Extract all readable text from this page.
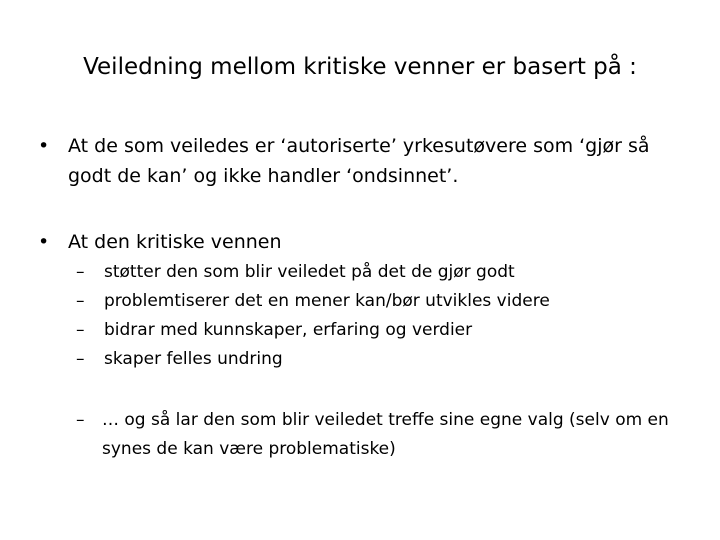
Veiledning mellom kritiske venner er basert på :
• At de som veiledes er ‘autoriserte’ yrkesutøvere som ‘gjør så godt de kan’ og ikke handler ‘ondsinnet’.
• At den kritiske vennen
– støtter den som blir veiledet på det de gjør godt
– problemtiserer det en mener kan/bør utvikles videre
– bidrar med kunnskaper, erfaring og verdier
– skaper felles undring
–	… og så lar den som blir veiledet treffe sine egne valg (selv om en synes de kan være problematiske)
